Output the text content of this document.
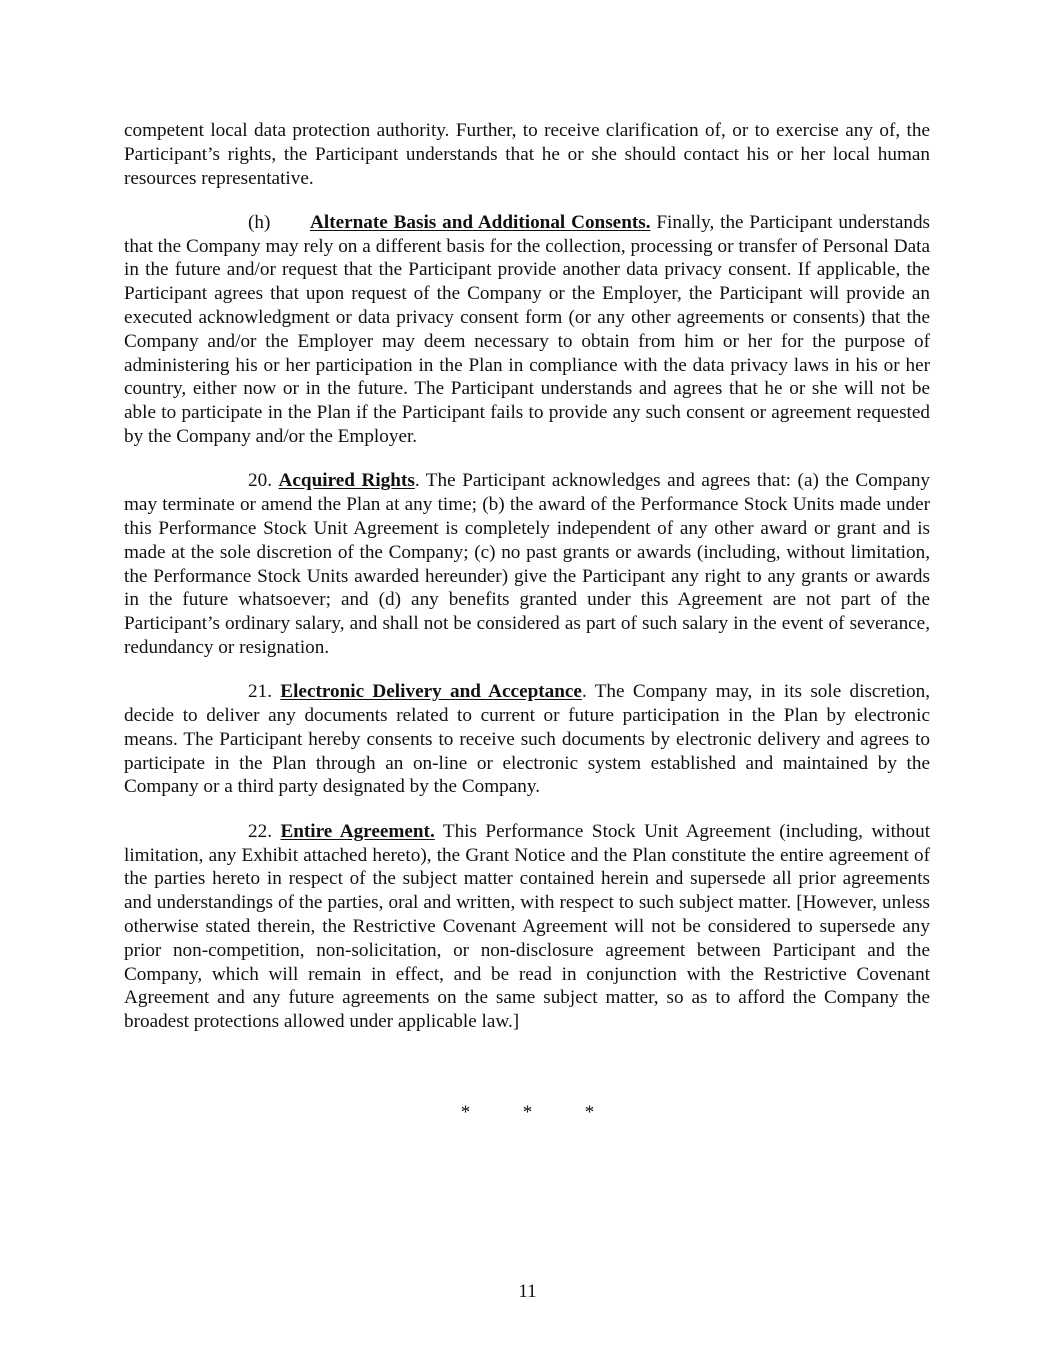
competent local data protection authority. Further, to receive clarification of, or to exercise any of, the Participant’s rights, the Participant understands that he or she should contact his or her local human resources representative.

(h) Alternate Basis and Additional Consents. Finally, the Participant understands that the Company may rely on a different basis for the collection, processing or transfer of Personal Data in the future and/or request that the Participant provide another data privacy consent. If applicable, the Participant agrees that upon request of the Company or the Employer, the Participant will provide an executed acknowledgment or data privacy consent form (or any other agreements or consents) that the Company and/or the Employer may deem necessary to obtain from him or her for the purpose of administering his or her participation in the Plan in compliance with the data privacy laws in his or her country, either now or in the future. The Participant understands and agrees that he or she will not be able to participate in the Plan if the Participant fails to provide any such consent or agreement requested by the Company and/or the Employer.

20. Acquired Rights. The Participant acknowledges and agrees that: (a) the Company may terminate or amend the Plan at any time; (b) the award of the Performance Stock Units made under this Performance Stock Unit Agreement is completely independent of any other award or grant and is made at the sole discretion of the Company; (c) no past grants or awards (including, without limitation, the Performance Stock Units awarded hereunder) give the Participant any right to any grants or awards in the future whatsoever; and (d) any benefits granted under this Agreement are not part of the Participant’s ordinary salary, and shall not be considered as part of such salary in the event of severance, redundancy or resignation.

21. Electronic Delivery and Acceptance. The Company may, in its sole discretion, decide to deliver any documents related to current or future participation in the Plan by electronic means. The Participant hereby consents to receive such documents by electronic delivery and agrees to participate in the Plan through an on-line or electronic system established and maintained by the Company or a third party designated by the Company.

22. Entire Agreement. This Performance Stock Unit Agreement (including, without limitation, any Exhibit attached hereto), the Grant Notice and the Plan constitute the entire agreement of the parties hereto in respect of the subject matter contained herein and supersede all prior agreements and understandings of the parties, oral and written, with respect to such subject matter. [However, unless otherwise stated therein, the Restrictive Covenant Agreement will not be considered to supersede any prior non-competition, non-solicitation, or non-disclosure agreement between Participant and the Company, which will remain in effect, and be read in conjunction with the Restrictive Covenant Agreement and any future agreements on the same subject matter, so as to afford the Company the broadest protections allowed under applicable law.]

*	*	*
11
